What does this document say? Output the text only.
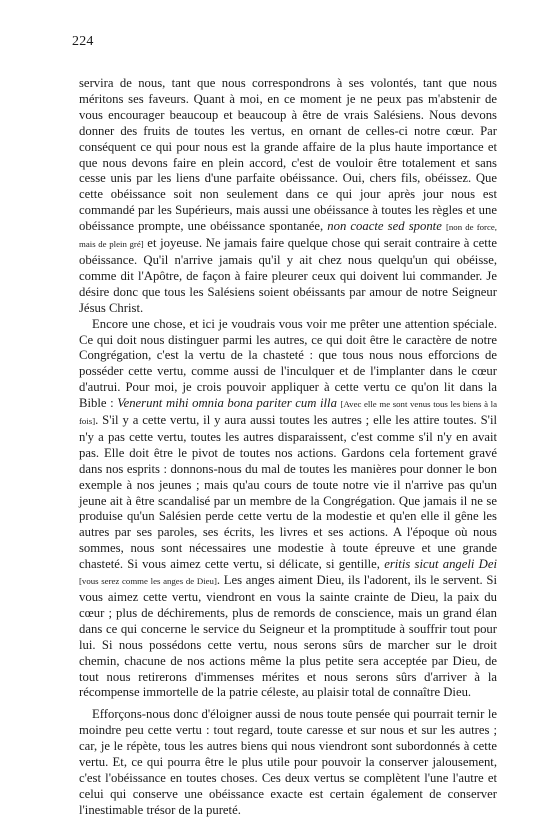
224

servira de nous, tant que nous correspondrons à ses volontés, tant que nous méritons ses faveurs. Quant à moi, en ce moment je ne peux pas m'abstenir de vous encourager beaucoup et beaucoup à être de vrais Salésiens. Nous devons donner des fruits de toutes les vertus, en ornant de celles-ci notre cœur. Par conséquent ce qui pour nous est la grande affaire de la plus haute importance et que nous devons faire en plein accord, c'est de vouloir être totalement et sans cesse unis par les liens d'une parfaite obéissance. Oui, chers fils, obéissez. Que cette obéissance soit non seulement dans ce qui jour après jour nous est commandé par les Supérieurs, mais aussi une obéissance à toutes les règles et une obéissance prompte, une obéissance spontanée, non coacte sed sponte [non de force, mais de plein gré] et joyeuse. Ne jamais faire quelque chose qui serait contraire à cette obéissance. Qu'il n'arrive jamais qu'il y ait chez nous quelqu'un qui obéisse, comme dit l'Apôtre, de façon à faire pleurer ceux qui doivent lui commander. Je désire donc que tous les Salésiens soient obéissants par amour de notre Seigneur Jésus Christ.

Encore une chose, et ici je voudrais vous voir me prêter une attention spéciale. Ce qui doit nous distinguer parmi les autres, ce qui doit être le caractère de notre Congrégation, c'est la vertu de la chasteté : que tous nous nous efforcions de posséder cette vertu, comme aussi de l'inculquer et de l'implanter dans le cœur d'autrui. Pour moi, je crois pouvoir appliquer à cette vertu ce qu'on lit dans la Bible : Venerunt mihi omnia bona pariter cum illa [Avec elle me sont venus tous les biens à la fois]. S'il y a cette vertu, il y aura aussi toutes les autres ; elle les attire toutes. S'il n'y a pas cette vertu, toutes les autres disparaissent, c'est comme s'il n'y en avait pas. Elle doit être le pivot de toutes nos actions. Gardons cela fortement gravé dans nos esprits : donnons-nous du mal de toutes les manières pour donner le bon exemple à nos jeunes ; mais qu'au cours de toute notre vie il n'arrive pas qu'un jeune ait à être scandalisé par un membre de la Congrégation. Que jamais il ne se produise qu'un Salésien perde cette vertu de la modestie et qu'en elle il gêne les autres par ses paroles, ses écrits, les livres et ses actions. A l'époque où nous sommes, nous sont nécessaires une modestie à toute épreuve et une grande chasteté. Si vous aimez cette vertu, si délicate, si gentille, eritis sicut angeli Dei [vous serez comme les anges de Dieu]. Les anges aiment Dieu, ils l'adorent, ils le servent. Si vous aimez cette vertu, viendront en vous la sainte crainte de Dieu, la paix du cœur ; plus de déchirements, plus de remords de conscience, mais un grand élan dans ce qui concerne le service du Seigneur et la promptitude à souffrir tout pour lui. Si nous possédons cette vertu, nous serons sûrs de marcher sur le droit chemin, chacune de nos actions même la plus petite sera acceptée par Dieu, de tout nous retirerons d'immenses mérites et nous serons sûrs d'arriver à la récompense immortelle de la patrie céleste, au plaisir total de connaître Dieu.

Efforçons-nous donc d'éloigner aussi de nous toute pensée qui pourrait ternir le moindre peu cette vertu : tout regard, toute caresse et sur nous et sur les autres ; car, je le répète, tous les autres biens qui nous viendront sont subordonnés à cette vertu. Et, ce qui pourra être le plus utile pour pouvoir la conserver jalousement, c'est l'obéissance en toutes choses. Ces deux vertus se complètent l'une l'autre et celui qui conserve une obéissance exacte est certain également de conserver l'inestimable trésor de la pureté.
